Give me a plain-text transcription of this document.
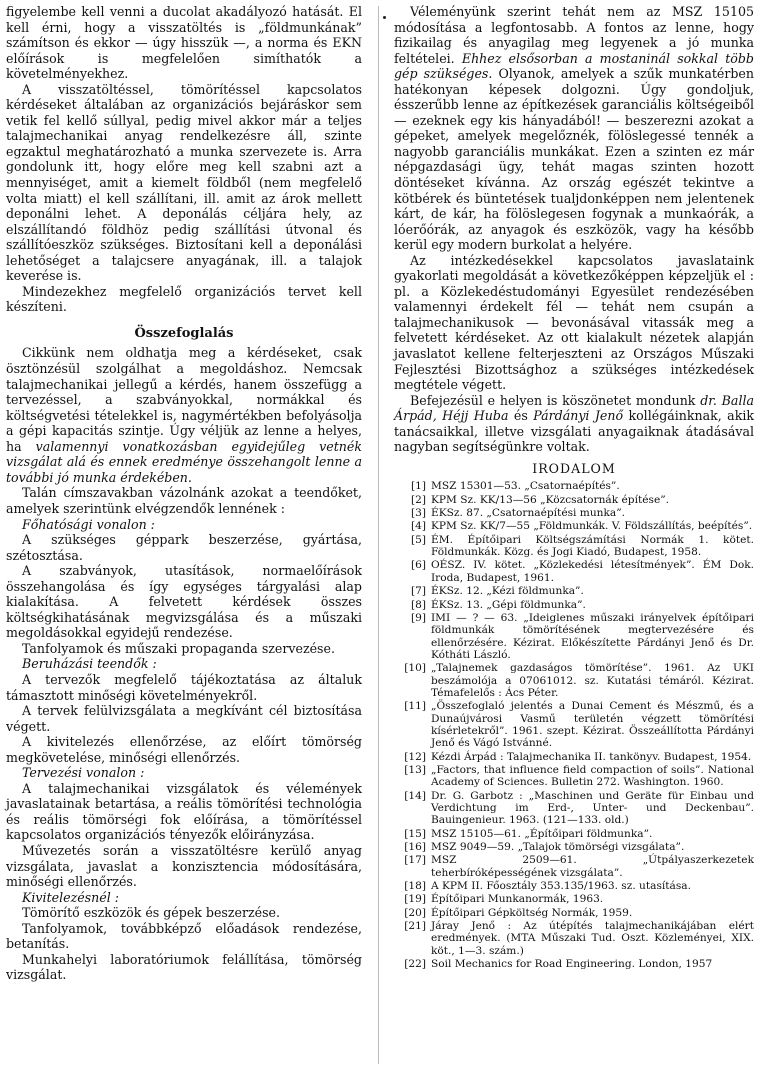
figyelembe kell venni a ducolat akadályozó hatását. El kell érni, hogy a visszatöltés is „földmunkának” számítson és ekkor — úgy hisszük —, a norma és EKN előírások is megfelelően simíthatók a követelményekhez.

A visszatöltéssel, tömörítéssel kapcsolatos kérdéseket általában az organizációs bejáráskor sem vetik fel kellő súllyal, pedig mivel akkor már a teljes talajmechanikai anyag rendelkezésre áll, szinte egzaktul meghatározható a munka szervezete is. Arra gondolunk itt, hogy előre meg kell szabni azt a mennyiséget, amit a kiemelt földből (nem megfelelő volta miatt) el kell szállítani, ill. amit az árok mellett deponálni lehet. A deponálás céljára hely, az elszállítandó földhöz pedig szállítási útvonal és szállítóeszköz szükséges. Biztosítani kell a deponálási lehetőséget a talajcsere anyagának, ill. a talajok keverése is.

Mindezekhez megfelelő organizációs tervet kell készíteni.

Összefoglalás

Cikkünk nem oldhatja meg a kérdéseket, csak ösztönzésül szolgálhat a megoldáshoz. Nemcsak talajmechanikai jellegű a kérdés, hanem összefügg a tervezéssel, a szabványokkal, normákkal és költségvetési tételekkel is, nagymértékben befolyásolja a gépi kapacitás szintje. Úgy véljük az lenne a helyes, ha valamennyi vonatkozásban egyidejűleg vetnék vizsgálat alá és ennek eredménye összehangolt lenne a további jó munka érdekében.

Talán címszavakban vázolnánk azokat a teendőket, amelyek szerintünk elvégzendők lennének :

Főhatósági vonalon :

A szükséges géppark beszerzése, gyártása, szétosztása.

A szabványok, utasítások, normaelőírások összehangolása és így egységes tárgyalási alap kialakítása. A felvetett kérdések összes költségkihatásának megvizsgálása és a műszaki megoldásokkal egyidejű rendezése.

Tanfolyamok és műszaki propaganda szervezése.

Beruházási teendők :

A tervezők megfelelő tájékoztatása az általuk támasztott minőségi követelményekről.

A tervek felülvizsgálata a megkívánt cél biztosítása végett.

A kivitelezés ellenőrzése, az előírt tömörség megkövetelése, minőségi ellenőrzés.

Tervezési vonalon :

A talajmechanikai vizsgálatok és vélemények javaslatainak betartása, a reális tömörítési technológia és reális tömörségi fok előírása, a tömörítéssel kapcsolatos organizációs tényezők előirányzása.

Művezetés során a visszatöltésre kerülő anyag vizsgálata, javaslat a konzisztencia módosítására, minőségi ellenőrzés.

Kivitelezésnél :

Tömörítő eszközök és gépek beszerzése.

Tanfolyamok, továbbképző előadások rendezése, betanítás.

Munkahelyi laboratóriumok felállítása, tömörség vizsgálat.

Véleményünk szerint tehát nem az MSZ 15105 módosítása a legfontosabb. A fontos az lenne, hogy fizikailag és anyagilag meg legyenek a jó munka feltételei. Ehhez elsősorban a mostaninál sokkal több gép szükséges. Olyanok, amelyek a szűk munkatérben hatékonyan képesek dolgozni. Úgy gondoljuk, ésszerűbb lenne az építkezések garanciális költségeiből — ezeknek egy kis hányadából! — beszerezni azokat a gépeket, amelyek megelőznék, fölöslegessé tennék a nagyobb garanciális munkákat. Ezen a szinten ez már népgazdasági ügy, tehát magas szinten hozott döntéseket kívánna. Az ország egészét tekintve a kötbérek és büntetések tualjdonképpen nem jelentenek kárt, de kár, ha fölöslegesen fogynak a munkaórák, a lóerőórák, az anyagok és eszközök, vagy ha később kerül egy modern burkolat a helyére.

Az intézkedésekkel kapcsolatos javaslataink gyakorlati megoldását a következőképpen képzeljük el : pl. a Közlekedéstudományi Egyesület rendezésében valamennyi érdekelt fél — tehát nem csupán a talajmechanikusok — bevonásával vitassák meg a felvetett kérdéseket. Az ott kialakult nézetek alapján javaslatot kellene felterjeszteni az Országos Műszaki Fejlesztési Bizottsághoz a szükséges intézkedések megtétele végett.

Befejezésül e helyen is köszönetet mondunk dr. Balla Árpád, Héjj Huba és Párdányi Jenő kollégáinknak, akik tanácsaikkal, illetve vizsgálati anyagaiknak átadásával nagyban segítségünkre voltak.

IRODALOM
[1] MSZ 15301—53. „Csatornaépítés”.
[2] KPM Sz. KK/13—56 „Közcsatornák építése”.
[3] ÉKSz. 87. „Csatornaépítési munka”.
[4] KPM Sz. KK/7—55 „Földmunkák. V. Földszállítás, beépítés”.
[5] ÉM. Építőipari Költségszámítási Normák 1. kötet. Földmunkák. Közg. és Jogi Kiadó, Budapest, 1958.
[6] OÉSZ. IV. kötet. „Közlekedési létesítmények”. ÉM Dok. Iroda, Budapest, 1961.
[7] ÉKSz. 12. „Kézi földmunka”.
[8] ÉKSz. 13. „Gépi földmunka”.
[9] IMI — ? — 63. „Ideiglenes műszaki irányelvek építőipari földmunkák tömörítésének megtervezésére és ellenőrzésére. Kézirat. Előkészítette Párdányi Jenő és Dr. Kótháti László.
[10] „Talajnemek gazdaságos tömörítése”. 1961. Az UKI beszámolója a 07061012. sz. Kutatási témáról. Kézirat. Témafelelős : Ács Péter.
[11] „Összefoglaló jelentés a Dunai Cement és Mészmű, és a Dunaújvárosi Vasmű területén végzett tömörítési kísérletekről”. 1961. szept. Kézirat. Összeállította Párdányi Jenő és Vágó Istvánné.
[12] Kézdi Árpád : Talajmechanika II. tankönyv. Budapest, 1954.
[13] „Factors, that influence field compaction of soils”. National Academy of Sciences. Bulletin 272. Washington. 1960.
[14] Dr. G. Garbotz : „Maschinen und Geräte für Einbau und Verdichtung im Erd-, Unter- und Deckenbau”. Bauingenieur. 1963. (121—133. old.)
[15] MSZ 15105—61. „Építőipari földmunka”.
[16] MSZ 9049—59. „Talajok tömörségi vizsgálata”.
[17] MSZ 2509—61. „Útpályaszerkezetek teherbíróképességének vizsgálata”.
[18] A KPM II. Főosztály 353.135/1963. sz. utasítása.
[19] Építőipari Munkanormák, 1963.
[20] Építőipari Gépköltség Normák, 1959.
[21] Járay Jenő : Az útépítés talajmechanikájában elért eredmények. (MTA Műszaki Tud. Oszt. Közleményei, XIX. köt., 1—3. szám.)
[22] Soil Mechanics for Road Engineering. London, 1957
